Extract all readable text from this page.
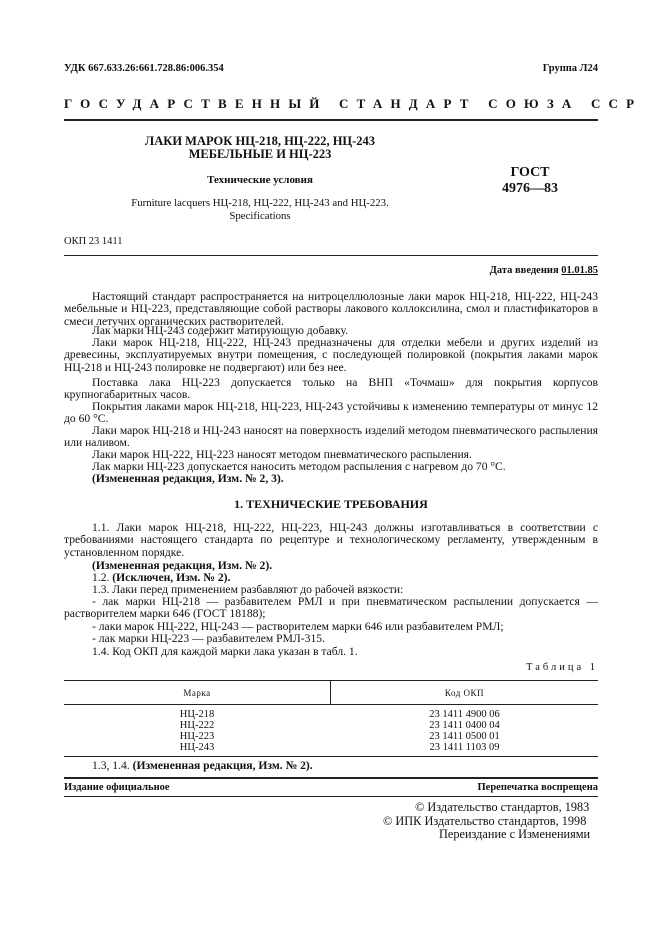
УДК 667.633.26:661.728.86:006.354	Группа Л24
ГОСУДАРСТВЕННЫЙ СТАНДАРТ СОЮЗА ССР
ЛАКИ МАРОК НЦ-218, НЦ-222, НЦ-243
МЕБЕЛЬНЫЕ И НЦ-223
Технические условия
Furniture lacquers НЦ-218, НЦ-222, НЦ-243 and НЦ-223.
Specifications
ГОСТ
4976—83
ОКП 23 1411
Дата введения 01.01.85
Настоящий стандарт распространяется на нитроцеллюлозные лаки марок НЦ-218, НЦ-222, НЦ-243 мебельные и НЦ-223, представляющие собой растворы лакового коллоксилина, смол и пластификаторов в смеси летучих органических растворителей.
Лак марки НЦ-243 содержит матирующую добавку.
Лаки марок НЦ-218, НЦ-222, НЦ-243 предназначены для отделки мебели и других изделий из древесины, эксплуатируемых внутри помещения, с последующей полировкой (покрытия лаками марок НЦ-218 и НЦ-243 полировке не подвергают) или без нее.
Поставка лака НЦ-223 допускается только на ВНП «Точмаш» для покрытия корпусов крупногабаритных часов.
Покрытия лаками марок НЦ-218, НЦ-223, НЦ-243 устойчивы к изменению температуры от минус 12 до 60 °С.
Лаки марок НЦ-218 и НЦ-243 наносят на поверхность изделий методом пневматического распыления или наливом.
Лаки марок НЦ-222, НЦ-223 наносят методом пневматического распыления.
Лак марки НЦ-223 допускается наносить методом распыления с нагревом до 70 °С.
(Измененная редакция, Изм. № 2, 3).
1. ТЕХНИЧЕСКИЕ ТРЕБОВАНИЯ
1.1. Лаки марок НЦ-218, НЦ-222, НЦ-223, НЦ-243 должны изготавливаться в соответствии с требованиями настоящего стандарта по рецептуре и технологическому регламенту, утвержденным в установленном порядке.
(Измененная редакция, Изм. № 2).
1.2. (Исключен, Изм. № 2).
1.3. Лаки перед применением разбавляют до рабочей вязкости:
- лак марки НЦ-218 — разбавителем РМЛ и при пневматическом распылении допускается — растворителем марки 646 (ГОСТ 18188);
- лаки марок НЦ-222, НЦ-243 — растворителем марки 646 или разбавителем РМЛ;
- лак марки НЦ-223 — разбавителем РМЛ-315.
1.4. Код ОКП для каждой марки лака указан в табл. 1.
Таблица 1
Марка	Код ОКП
НЦ-218	23 1411 4900 06
НЦ-222	23 1411 0400 04
НЦ-223	23 1411 0500 01
НЦ-243	23 1411 1103 09
1.3, 1.4. (Измененная редакция, Изм. № 2).
Издание официальное	Перепечатка воспрещена
© Издательство стандартов, 1983
© ИПК Издательство стандартов, 1998
Переиздание с Изменениями
